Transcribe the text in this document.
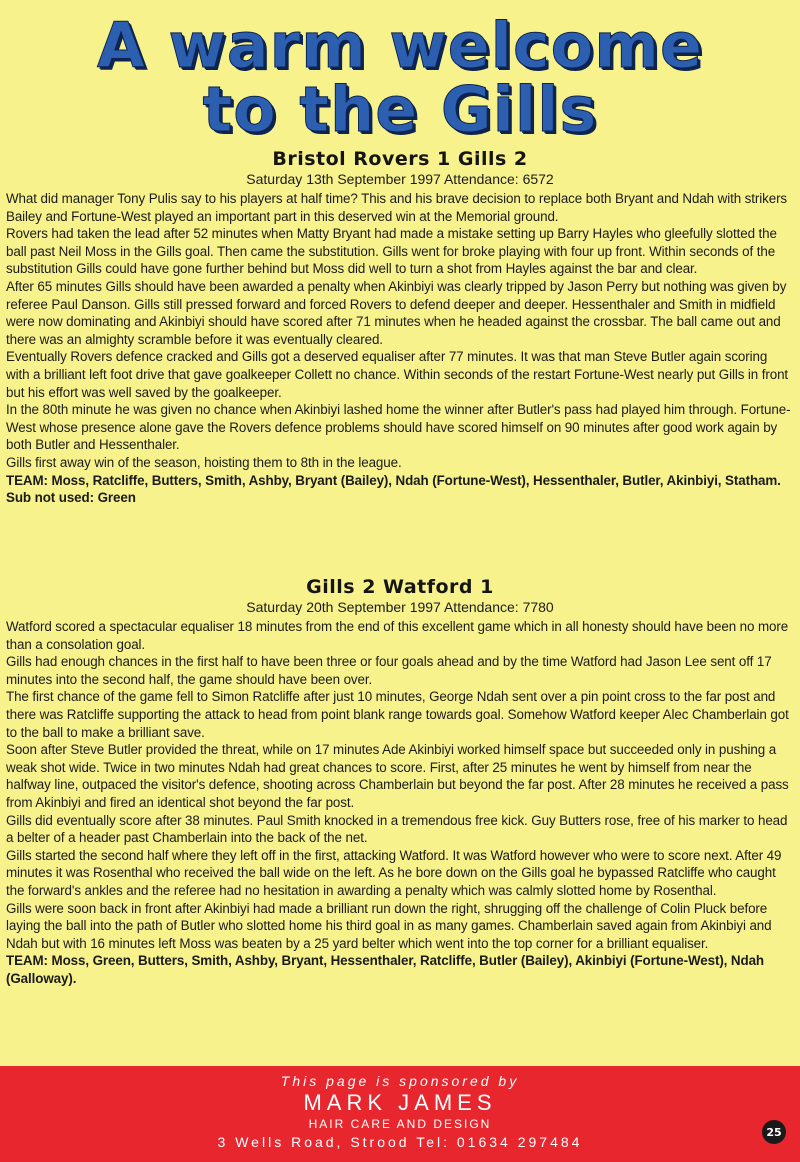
A warm welcome
to the Gills
Bristol Rovers 1 Gills 2
Saturday 13th September 1997 Attendance: 6572

What did manager Tony Pulis say to his players at half time? This and his brave decision to replace both Bryant and Ndah with strikers Bailey and Fortune-West played an important part in this deserved win at the Memorial ground.

Rovers had taken the lead after 52 minutes when Matty Bryant had made a mistake setting up Barry Hayles who gleefully slotted the ball past Neil Moss in the Gills goal. Then came the substitution. Gills went for broke playing with four up front. Within seconds of the substitution Gills could have gone further behind but Moss did well to turn a shot from Hayles against the bar and clear.

After 65 minutes Gills should have been awarded a penalty when Akinbiyi was clearly tripped by Jason Perry but nothing was given by referee Paul Danson. Gills still pressed forward and forced Rovers to defend deeper and deeper. Hessenthaler and Smith in midfield were now dominating and Akinbiyi should have scored after 71 minutes when he headed against the crossbar. The ball came out and there was an almighty scramble before it was eventually cleared.

Eventually Rovers defence cracked and Gills got a deserved equaliser after 77 minutes. It was that man Steve Butler again scoring with a brilliant left foot drive that gave goalkeeper Collett no chance. Within seconds of the restart Fortune-West nearly put Gills in front but his effort was well saved by the goalkeeper.

In the 80th minute he was given no chance when Akinbiyi lashed home the winner after Butler's pass had played him through. Fortune-West whose presence alone gave the Rovers defence problems should have scored himself on 90 minutes after good work again by both Butler and Hessenthaler.

Gills first away win of the season, hoisting them to 8th in the league.

TEAM: Moss, Ratcliffe, Butters, Smith, Ashby, Bryant (Bailey), Ndah (Fortune-West), Hessenthaler, Butler, Akinbiyi, Statham. Sub not used: Green

Gills 2 Watford 1
Saturday 20th September 1997 Attendance: 7780

Watford scored a spectacular equaliser 18 minutes from the end of this excellent game which in all honesty should have been no more than a consolation goal.

Gills had enough chances in the first half to have been three or four goals ahead and by the time Watford had Jason Lee sent off 17 minutes into the second half, the game should have been over.

The first chance of the game fell to Simon Ratcliffe after just 10 minutes, George Ndah sent over a pin point cross to the far post and there was Ratcliffe supporting the attack to head from point blank range towards goal. Somehow Watford keeper Alec Chamberlain got to the ball to make a brilliant save.

Soon after Steve Butler provided the threat, while on 17 minutes Ade Akinbiyi worked himself space but succeeded only in pushing a weak shot wide. Twice in two minutes Ndah had great chances to score. First, after 25 minutes he went by himself from near the halfway line, outpaced the visitor's defence, shooting across Chamberlain but beyond the far post. After 28 minutes he received a pass from Akinbiyi and fired an identical shot beyond the far post.

Gills did eventually score after 38 minutes. Paul Smith knocked in a tremendous free kick. Guy Butters rose, free of his marker to head a belter of a header past Chamberlain into the back of the net.

Gills started the second half where they left off in the first, attacking Watford. It was Watford however who were to score next. After 49 minutes it was Rosenthal who received the ball wide on the left. As he bore down on the Gills goal he bypassed Ratcliffe who caught the forward's ankles and the referee had no hesitation in awarding a penalty which was calmly slotted home by Rosenthal.

Gills were soon back in front after Akinbiyi had made a brilliant run down the right, shrugging off the challenge of Colin Pluck before laying the ball into the path of Butler who slotted home his third goal in as many games. Chamberlain saved again from Akinbiyi and Ndah but with 16 minutes left Moss was beaten by a 25 yard belter which went into the top corner for a brilliant equaliser.

TEAM: Moss, Green, Butters, Smith, Ashby, Bryant, Hessenthaler, Ratcliffe, Butler (Bailey), Akinbiyi (Fortune-West), Ndah (Galloway).

This page is sponsored by
MARK JAMES
HAIR CARE AND DESIGN
3 Wells Road, Strood Tel: 01634 297484
25
